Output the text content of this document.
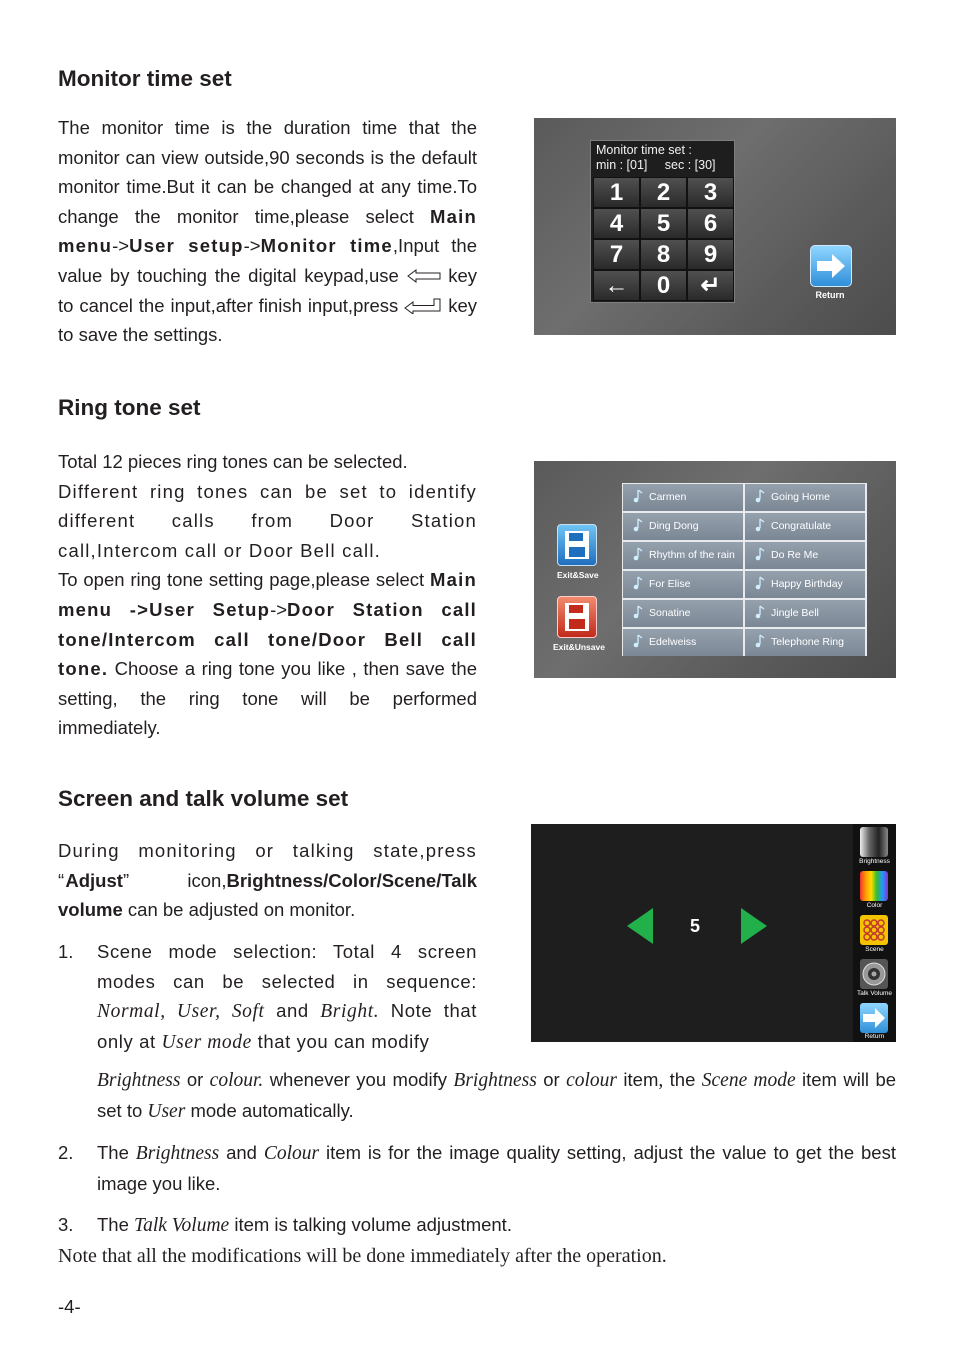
Monitor time set

The monitor time is the duration time that the monitor can view outside,90 seconds is the default monitor time.But it can be changed at any time.To change the monitor time,please select Main menu->User setup->Monitor time,Input the value by touching the digital keypad,use  key to cancel the input,after finish input,press  key to save the settings.

Monitor time set :
min : [01]     sec : [30]
1	2	3
4	5	6
7	8	9
←	0	↵	Return
Ring tone set

Total 12 pieces ring tones can be selected.
Different ring tones can be set to identify different calls from Door Station call,Intercom call or Door Bell call.
To open ring tone setting page,please select Main menu ->User Setup->Door Station call tone/Intercom call tone/Door Bell call tone. Choose a ring tone you like , then save the setting, the ring tone will be performed immediately.

Exit&Save
Exit&Unsave
Carmen	Going Home
Ding Dong	Congratulate
Rhythm of the rain	Do Re Me
For Elise	Happy Birthday
Sonatine	Jingle Bell
Edelweiss	Telephone Ring
Screen and talk volume set

During monitoring or talking state,press “Adjust” icon,Brightness/Color/Scene/Talk volume can be adjusted on monitor.

1.	Scene mode selection: Total 4 screen modes can be selected in sequence: Normal, User, Soft and Bright. Note that only at User mode that you can modify

Brightness or colour. whenever you modify Brightness or colour item, the Scene mode item will be set to User mode automatically.

2.	The Brightness and Colour item is for the image quality setting, adjust the value to get the best image you like.

3.	The Talk Volume item is talking volume adjustment.

Note that all the modifications will be done immediately after the operation.

5
Brightness
Color
Scene
Talk Volume
Return
-4-
